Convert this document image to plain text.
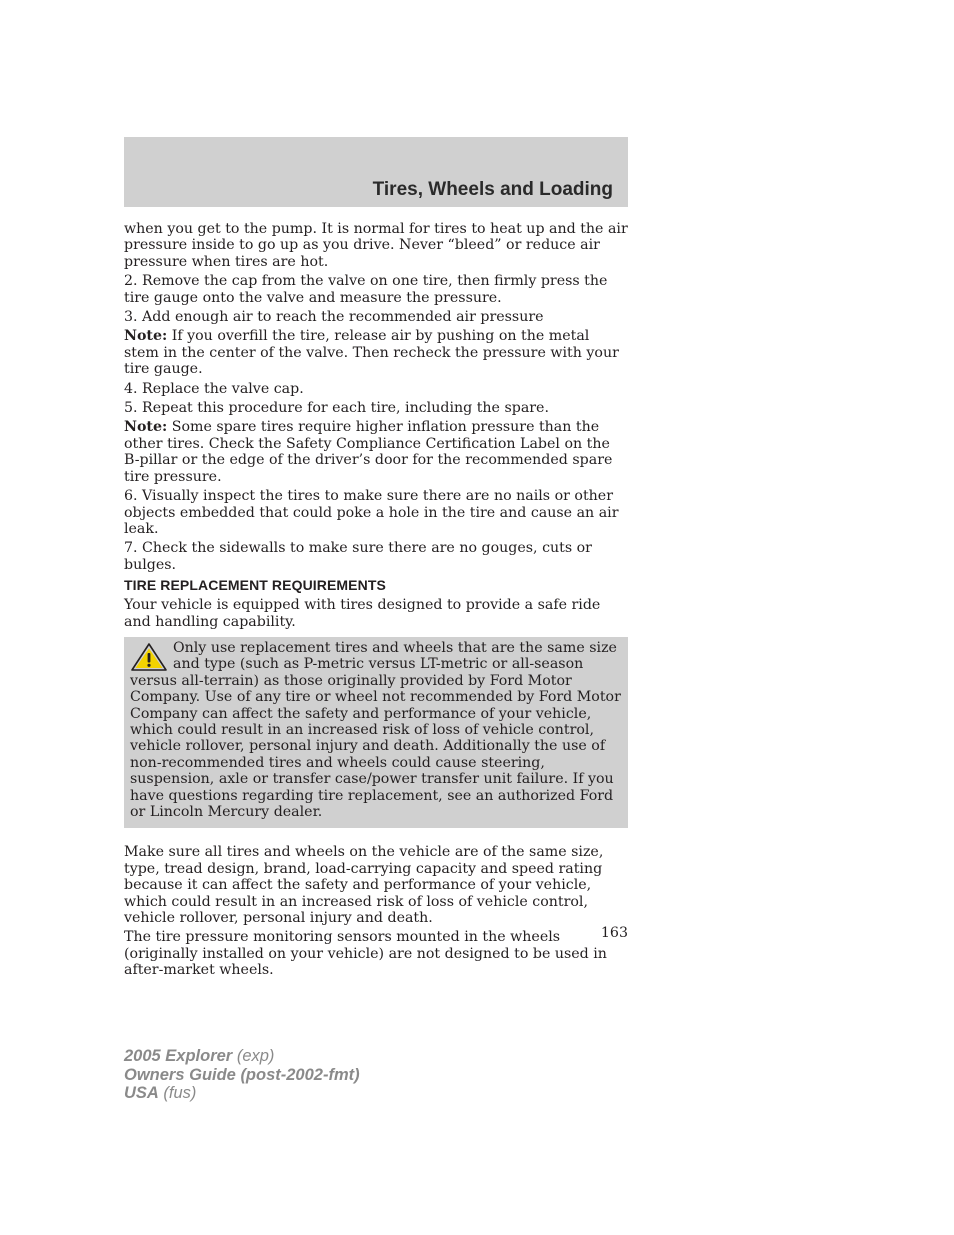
Tires, Wheels and Loading

when you get to the pump. It is normal for tires to heat up and the air pressure inside to go up as you drive. Never “bleed” or reduce air pressure when tires are hot.

2. Remove the cap from the valve on one tire, then firmly press the tire gauge onto the valve and measure the pressure.

3. Add enough air to reach the recommended air pressure

Note: If you overfill the tire, release air by pushing on the metal stem in the center of the valve. Then recheck the pressure with your tire gauge.

4. Replace the valve cap.

5. Repeat this procedure for each tire, including the spare.

Note: Some spare tires require higher inflation pressure than the other tires. Check the Safety Compliance Certification Label on the B-pillar or the edge of the driver’s door for the recommended spare tire pressure.

6. Visually inspect the tires to make sure there are no nails or other objects embedded that could poke a hole in the tire and cause an air leak.

7. Check the sidewalls to make sure there are no gouges, cuts or bulges.

TIRE REPLACEMENT REQUIREMENTS

Your vehicle is equipped with tires designed to provide a safe ride and handling capability.

Only use replacement tires and wheels that are the same size and type (such as P-metric versus LT-metric or all-season versus all-terrain) as those originally provided by Ford Motor Company. Use of any tire or wheel not recommended by Ford Motor Company can affect the safety and performance of your vehicle, which could result in an increased risk of loss of vehicle control, vehicle rollover, personal injury and death. Additionally the use of non-recommended tires and wheels could cause steering, suspension, axle or transfer case/power transfer unit failure. If you have questions regarding tire replacement, see an authorized Ford or Lincoln Mercury dealer.

Make sure all tires and wheels on the vehicle are of the same size, type, tread design, brand, load-carrying capacity and speed rating because it can affect the safety and performance of your vehicle, which could result in an increased risk of loss of vehicle control, vehicle rollover, personal injury and death.

The tire pressure monitoring sensors mounted in the wheels (originally installed on your vehicle) are not designed to be used in after-market wheels.

163
2005 Explorer (exp)
Owners Guide (post-2002-fmt)
USA (fus)
